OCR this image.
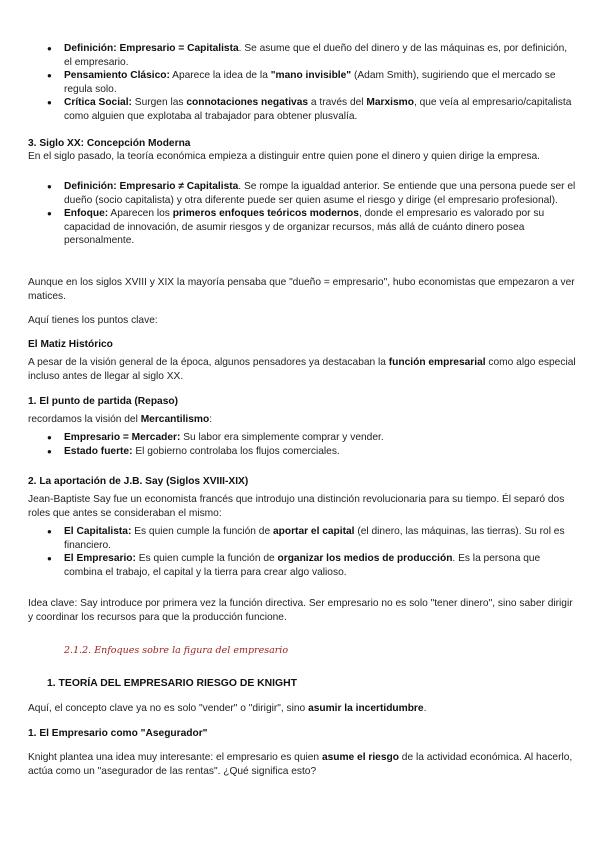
● Definición: Empresario = Capitalista. Se asume que el dueño del dinero y de las máquinas es, por definición, el empresario.
● Pensamiento Clásico: Aparece la idea de la "mano invisible" (Adam Smith), sugiriendo que el mercado se regula solo.
● Crítica Social: Surgen las connotaciones negativas a través del Marxismo, que veía al empresario/capitalista como alguien que explotaba al trabajador para obtener plusvalía.
3. Siglo XX: Concepción Moderna
En el siglo pasado, la teoría económica empieza a distinguir entre quien pone el dinero y quien dirige la empresa.
● Definición: Empresario ≠ Capitalista. Se rompe la igualdad anterior. Se entiende que una persona puede ser el dueño (socio capitalista) y otra diferente puede ser quien asume el riesgo y dirige (el empresario profesional).
● Enfoque: Aparecen los primeros enfoques teóricos modernos, donde el empresario es valorado por su capacidad de innovación, de asumir riesgos y de organizar recursos, más allá de cuánto dinero posea personalmente.
Aunque en los siglos XVIII y XIX la mayoría pensaba que "dueño = empresario", hubo economistas que empezaron a ver matices.
Aquí tienes los puntos clave:
El Matiz Histórico
A pesar de la visión general de la época, algunos pensadores ya destacaban la función empresarial como algo especial incluso antes de llegar al siglo XX.
1. El punto de partida (Repaso)
recordamos la visión del Mercantilismo:
● Empresario = Mercader: Su labor era simplemente comprar y vender.
● Estado fuerte: El gobierno controlaba los flujos comerciales.
2. La aportación de J.B. Say (Siglos XVIII-XIX)
Jean-Baptiste Say fue un economista francés que introdujo una distinción revolucionaria para su tiempo. Él separó dos roles que antes se consideraban el mismo:
● El Capitalista: Es quien cumple la función de aportar el capital (el dinero, las máquinas, las tierras). Su rol es financiero.
● El Empresario: Es quien cumple la función de organizar los medios de producción. Es la persona que combina el trabajo, el capital y la tierra para crear algo valioso.
Idea clave: Say introduce por primera vez la función directiva. Ser empresario no es solo "tener dinero", sino saber dirigir y coordinar los recursos para que la producción funcione.
2.1.2. Enfoques sobre la figura del empresario
1. TEORÍA DEL EMPRESARIO RIESGO DE KNIGHT
Aquí, el concepto clave ya no es solo "vender" o "dirigir", sino asumir la incertidumbre.
1. El Empresario como "Asegurador"
Knight plantea una idea muy interesante: el empresario es quien asume el riesgo de la actividad económica. Al hacerlo, actúa como un "asegurador de las rentas". ¿Qué significa esto?
